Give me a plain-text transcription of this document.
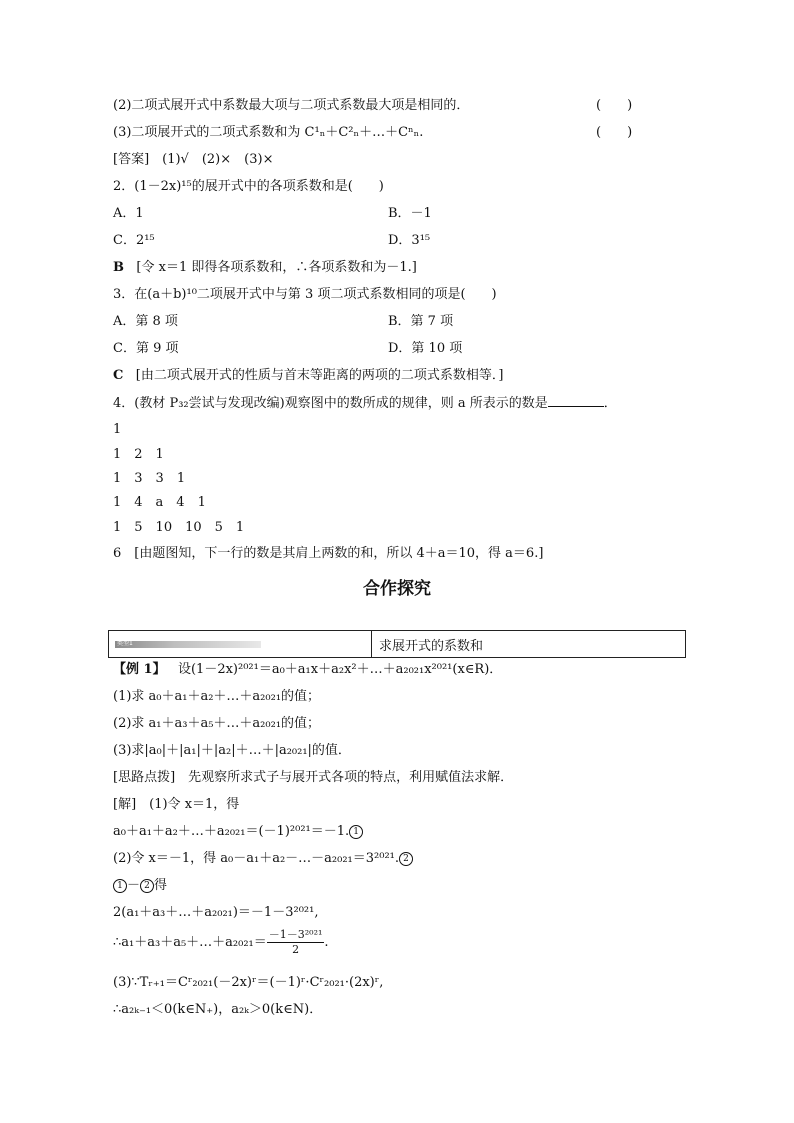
(2)二项式展开式中系数最大项与二项式系数最大项是相同的．	(　　)
(3)二项展开式的二项式系数和为 C¹ₙ＋C²ₙ＋…＋Cⁿₙ.	(　　)
[答案]　(1)√　(2)×　(3)×
2．(1－2x)¹⁵的展开式中的各项系数和是(　　)
A．1	B．－1
C．2¹⁵	D．3¹⁵
B [令 x＝1 即得各项系数和，∴各项系数和为－1.]
3．在(a＋b)¹⁰二项展开式中与第 3 项二项式系数相同的项是(　　)
A．第 8 项	B．第 7 项
C．第 9 项	D．第 10 项
C [由二项式展开式的性质与首末等距离的两项的二项式系数相等．]
4．(教材 P₃₂尝试与发现改编)观察图中的数所成的规律，则 a 所表示的数是	．
1
1　2　1
1　3　3　1
1　4　a　4　1
1　5　10　10　5　1
6　[由题图知，下一行的数是其肩上两数的和，所以 4＋a＝10，得 a＝6.]
合作探究
类型1	求展开式的系数和
【例 1】 设(1－2x)²⁰²¹＝a₀＋a₁x＋a₂x²＋…＋a₂₀₂₁x²⁰²¹(x∈R)．
(1)求 a₀＋a₁＋a₂＋…＋a₂₀₂₁的值；
(2)求 a₁＋a₃＋a₅＋…＋a₂₀₂₁的值；
(3)求|a₀|＋|a₁|＋|a₂|＋…＋|a₂₀₂₁|的值．
[思路点拨]　先观察所求式子与展开式各项的特点，利用赋值法求解．
[解]　(1)令 x＝1，得
a₀＋a₁＋a₂＋…＋a₂₀₂₁＝(－1)²⁰²¹＝－1. 1
(2)令 x＝－1，得 a₀－a₁＋a₂－…－a₂₀₂₁＝3²⁰²¹. 2
1 － 2 得
2(a₁＋a₃＋…＋a₂₀₂₁)＝－1－3²⁰²¹,
∴a₁＋a₃＋a₅＋…＋a₂₀₂₁＝ $\frac{\text{－1－3²⁰²¹}}{2}$ .
(3)∵Tᵣ₊₁＝Cʳ₂₀₂₁(－2x)ʳ＝(－1)ʳ·Cʳ₂₀₂₁·(2x)ʳ,
∴a₂ₖ₋₁＜0(k∈N₊)，a₂ₖ＞0(k∈N)．
